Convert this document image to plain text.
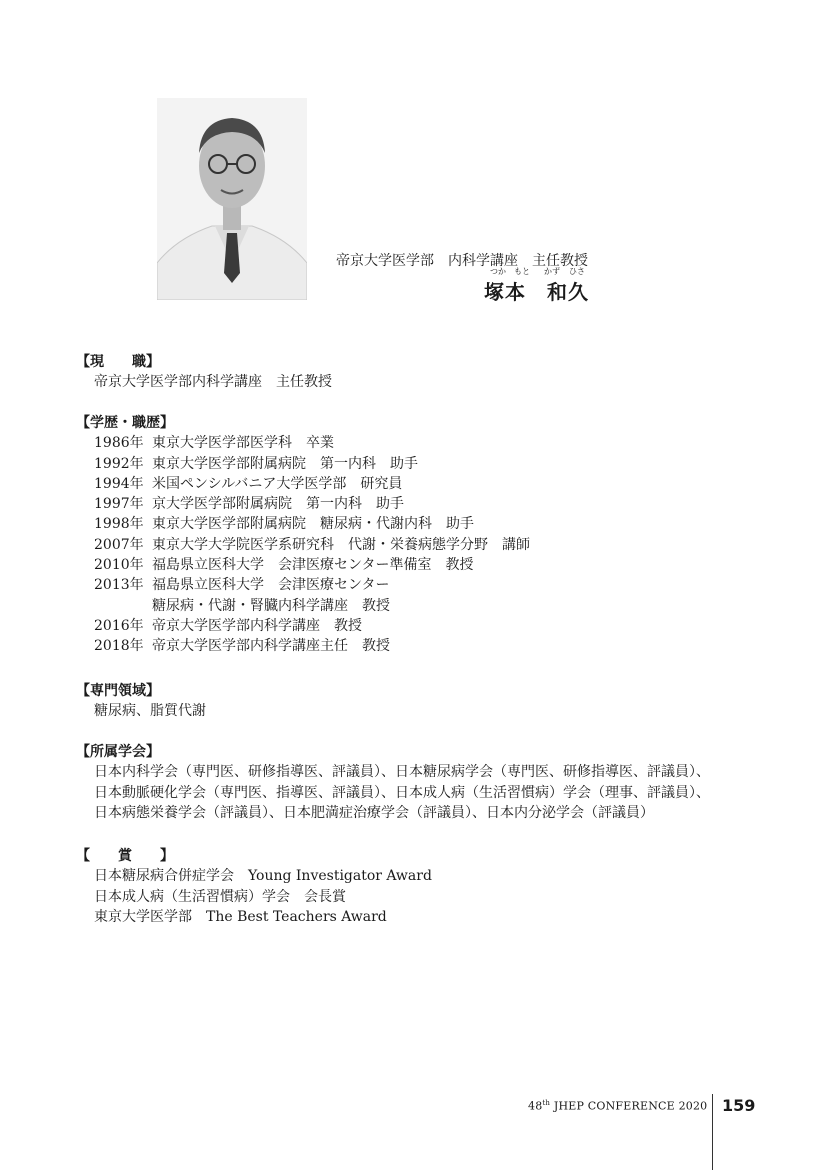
帝京大学医学部　内科学講座　主任教授
つか もと かず ひさ
塚本　和久
【現　　職】
帝京大学医学部内科学講座　主任教授
【学歴・職歴】
1986年 東京大学医学部医学科　卒業
1992年 東京大学医学部附属病院　第一内科　助手
1994年 米国ペンシルバニア大学医学部　研究員
1997年 京大学医学部附属病院　第一内科　助手
1998年 東京大学医学部附属病院　糖尿病・代謝内科　助手
2007年 東京大学大学院医学系研究科　代謝・栄養病態学分野　講師
2010年 福島県立医科大学　会津医療センター準備室　教授
2013年 福島県立医科大学　会津医療センター
糖尿病・代謝・腎臓内科学講座　教授
2016年 帝京大学医学部内科学講座　教授
2018年 帝京大学医学部内科学講座主任　教授
【専門領域】
糖尿病、脂質代謝
【所属学会】
日本内科学会（専門医、研修指導医、評議員）、日本糖尿病学会（専門医、研修指導医、評議員）、
日本動脈硬化学会（専門医、指導医、評議員）、日本成人病（生活習慣病）学会（理事、評議員）、
日本病態栄養学会（評議員）、日本肥満症治療学会（評議員）、日本内分泌学会（評議員）
【　　賞　　】
日本糖尿病合併症学会　Young Investigator Award
日本成人病（生活習慣病）学会　会長賞
東京大学医学部　The Best Teachers Award
48th JHEP CONFERENCE 2020 159
